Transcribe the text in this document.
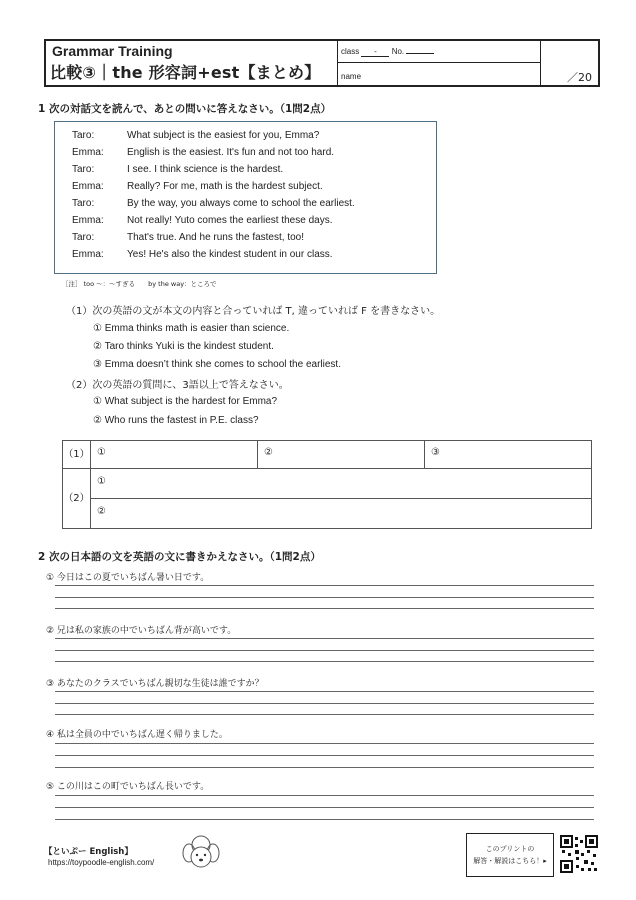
Grammar Training
比較③｜the 形容詞+est【まとめ】
class - No.
name	／20
1 次の対話文を読んで、あとの問いに答えなさい。（1問2点）
Taro:	What subject is the easiest for you, Emma?
Emma: English is the easiest. It's fun and not too hard.
Taro:	I see. I think science is the hardest.
Emma: Really? For me, math is the hardest subject.
Taro:	By the way, you always come to school the earliest.
Emma: Not really! Yuto comes the earliest these days.
Taro:	That's true. And he runs the fastest, too!
Emma: Yes! He's also the kindest student in our class.
［注］ too ～：～すぎる　　by the way：ところで
（1）次の英語の文が本文の内容と合っていれば T, 違っていれば F を書きなさい。
① Emma thinks math is easier than science.
② Taro thinks Yuki is the kindest student.
③ Emma doesn’t think she comes to school the earliest.
（2）次の英語の質問に、3語以上で答えなさい。
① What subject is the hardest for Emma?
② Who runs the fastest in P.E. class?
（1） ①	②	③
（2）
①
②
2 次の日本語の文を英語の文に書きかえなさい。（1問2点）
① 今日はこの夏でいちばん暑い日です。
② 兄は私の家族の中でいちばん背が高いです。
③ あなたのクラスでいちばん親切な生徒は誰ですか？
④ 私は全員の中でいちばん遅く帰りました。
⑤ この川はこの町でいちばん長いです。
【といぷー English】
https://toypoodle-english.com/
このプリントの
解答・解説はこちら！▸
